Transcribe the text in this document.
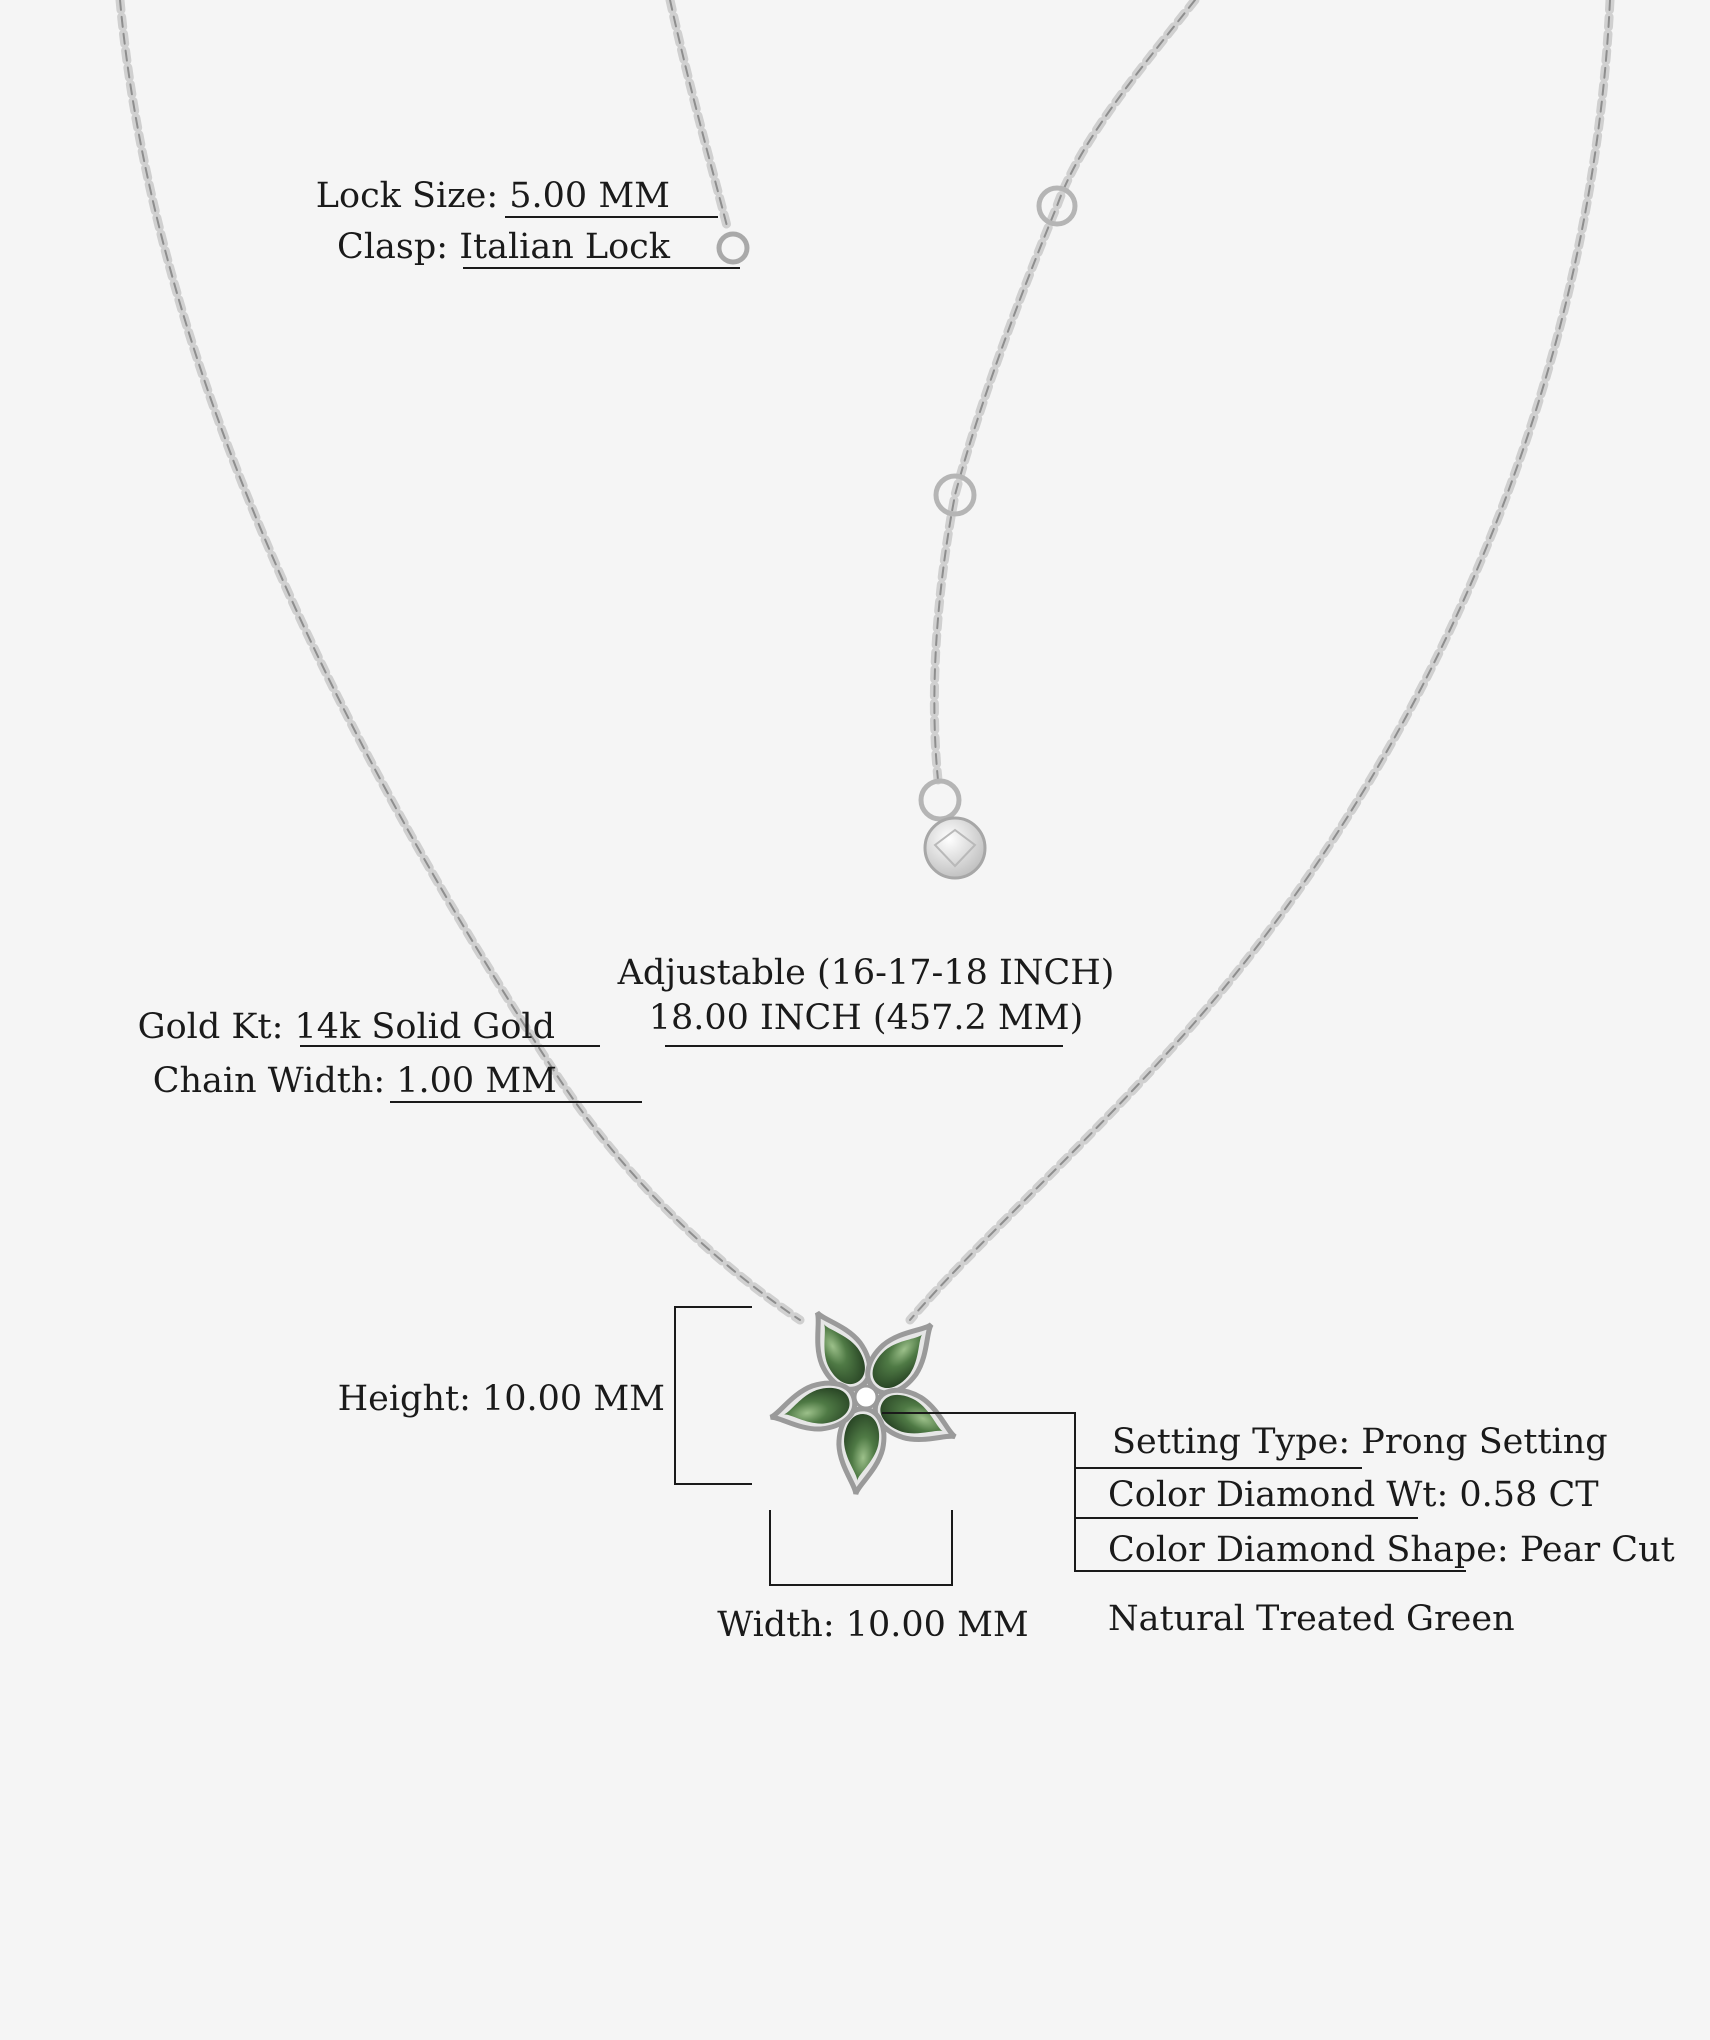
Lock Size: 5.00 MM
Clasp: Italian Lock
Adjustable (16-17-18 INCH)
18.00 INCH (457.2 MM)
Gold Kt: 14k Solid Gold
Chain Width: 1.00 MM
Height: 10.00 MM
Width: 10.00 MM
Setting Type: Prong Setting
Color Diamond Wt: 0.58 CT
Color Diamond Shape: Pear Cut
Natural Treated Green
